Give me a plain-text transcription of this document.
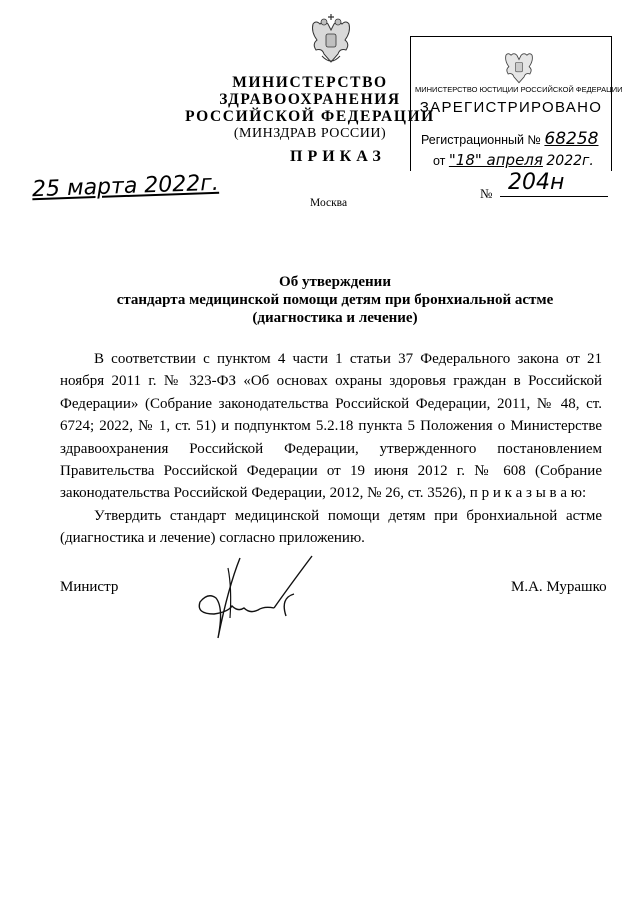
МИНИСТЕРСТВО ЗДРАВООХРАНЕНИЯ
РОССИЙСКОЙ ФЕДЕРАЦИИ
(МИНЗДРАВ РОССИИ)
МИНИСТЕРСТВО ЮСТИЦИИ РОССИЙСКОЙ ФЕДЕРАЦИИ
ЗАРЕГИСТРИРОВАНО
Регистрационный № 68258
от "18" апреля 2022г.
ПРИКАЗ
25 марта 2022г.	№ 204н
Москва
Об утверждении
стандарта медицинской помощи детям при бронхиальной астме
(диагностика и лечение)

В соответствии с пунктом 4 части 1 статьи 37 Федерального закона от 21 ноября 2011 г. № 323-ФЗ «Об основах охраны здоровья граждан в Российской Федерации» (Собрание законодательства Российской Федерации, 2011, № 48, ст. 6724; 2022, № 1, ст. 51) и подпунктом 5.2.18 пункта 5 Положения о Министерстве здравоохранения Российской Федерации, утвержденного постановлением Правительства Российской Федерации от 19 июня 2012 г. № 608 (Собрание законодательства Российской Федерации, 2012, № 26, ст. 3526), п р и к а з ы в а ю:

Утвердить стандарт медицинской помощи детям при бронхиальной астме (диагностика и лечение) согласно приложению.

Министр	М.А. Мурашко
